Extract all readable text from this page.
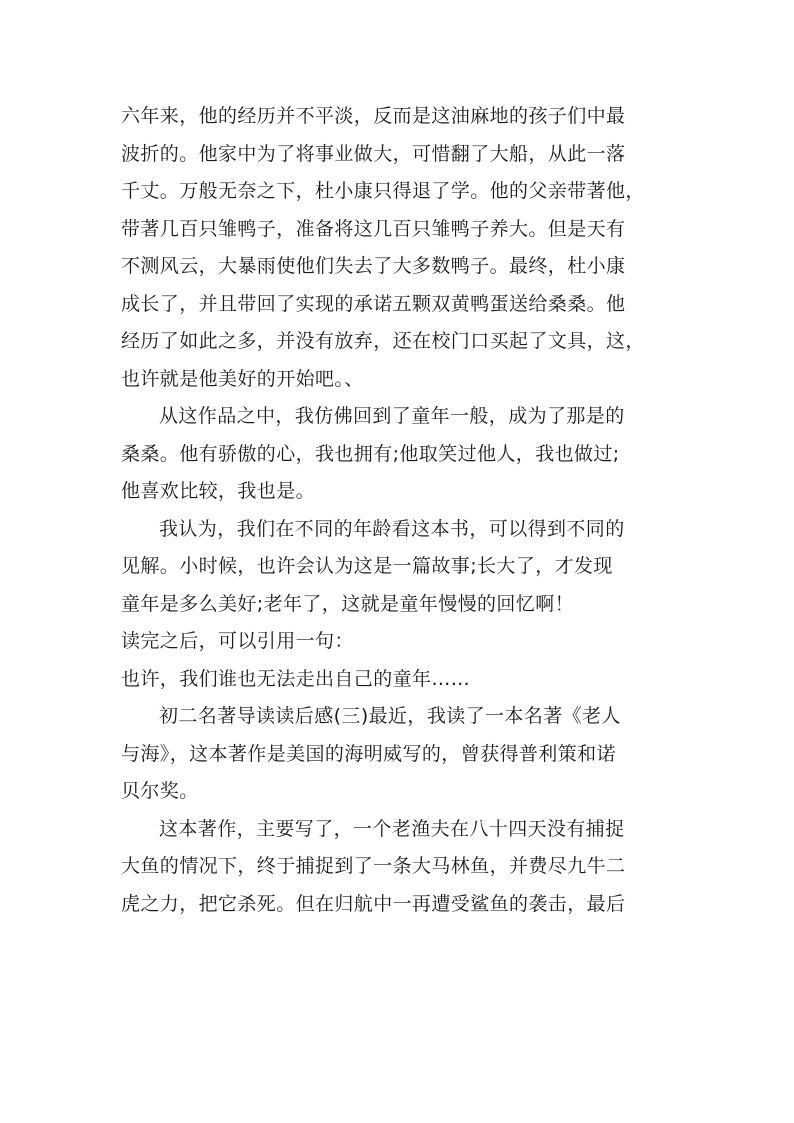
六年来，他的经历并不平淡，反而是这油麻地的孩子们中最
波折的。他家中为了将事业做大，可惜翻了大船，从此一落
千丈。万般无奈之下，杜小康只得退了学。他的父亲带著他，
带著几百只雏鸭子，准备将这几百只雏鸭子养大。但是天有
不测风云，大暴雨使他们失去了大多数鸭子。最终，杜小康
成长了，并且带回了实现的承诺五颗双黄鸭蛋送给桑桑。他
经历了如此之多，并没有放弃，还在校门口买起了文具，这，
也许就是他美好的开始吧。、
从这作品之中，我仿佛回到了童年一般，成为了那是的
桑桑。他有骄傲的心，我也拥有;他取笑过他人，我也做过;
他喜欢比较，我也是。
我认为，我们在不同的年龄看这本书，可以得到不同的
见解。小时候，也许会认为这是一篇故事;长大了，才发现
童年是多么美好;老年了，这就是童年慢慢的回忆啊！
读完之后，可以引用一句：
也许，我们谁也无法走出自己的童年……
初二名著导读读后感(三)最近，我读了一本名著《老人
与海》，这本著作是美国的海明威写的，曾获得普利策和诺
贝尔奖。
这本著作，主要写了，一个老渔夫在八十四天没有捕捉
大鱼的情况下，终于捕捉到了一条大马林鱼，并费尽九牛二
虎之力，把它杀死。但在归航中一再遭受鲨鱼的袭击，最后
